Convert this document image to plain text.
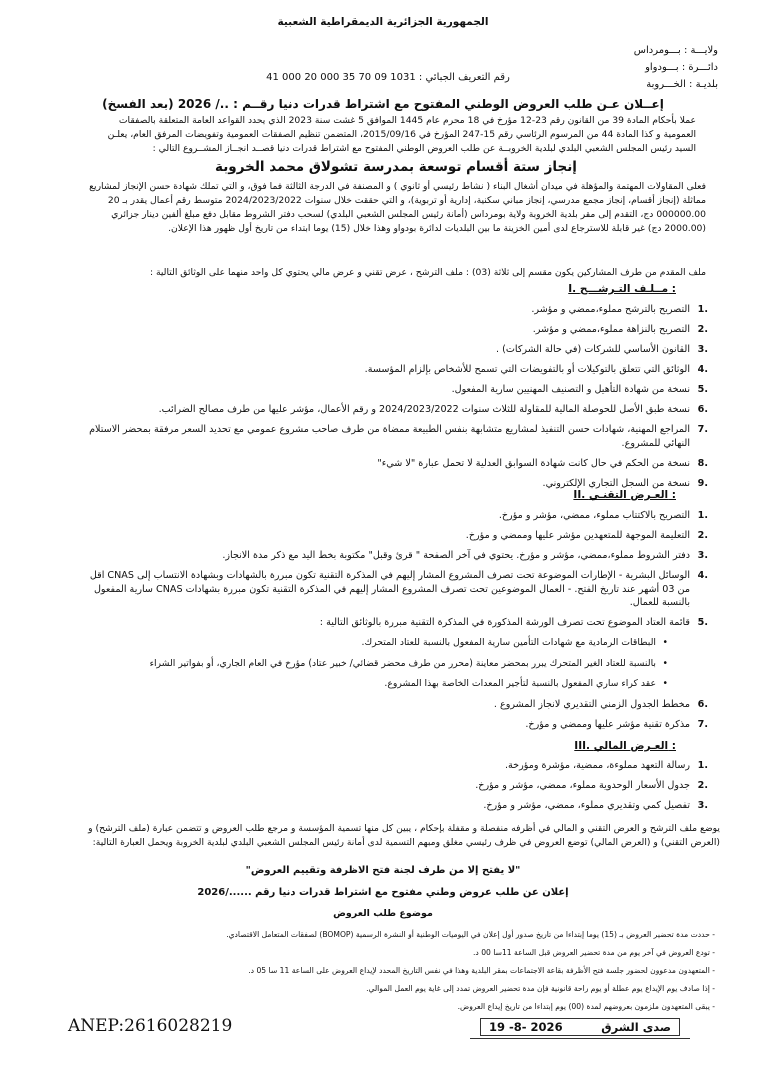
الجمهورية الجزائرية الديمقراطية الشعبية
ولايـــة : بـــومرداس
دائـــرة : بـــودواو
بلديـة : الخـــروبة
رقم التعريف الجبائي : 1031 09 70 35 000 20 000 41
إعــلان عـن طلب العروض الوطني المفتوح مع اشتراط قدرات دنيا رقــم : ../ 2026 (بعد الفسخ)
عملا بأحكام المادة 39 من القانون رقم 23-12 مؤرخ في 18 محرم عام 1445 الموافق 5 غشت سنة 2023 الذي يحدد القواعد العامة المتعلقة بالصفقات العمومية و كذا المادة 44 من المرسوم الرئاسي رقم 15-247 المؤرخ في 2015/09/16، المتضمن تنظيم الصفقات العمومية وتفويضات المرفق العام، يعلـن السيد رئيس المجلس الشعبي البلدي لبلدية الخروبــة عن طلب العروض الوطني المفتوح مع اشتراط قدرات دنيا قصــد انجــاز المشــروع التالي :
إنجاز ستة أقسام توسعة بمدرسة تشولاق محمد الخروبة
فعلى المقاولات المهتمة والمؤهلة في ميدان أشغال البناء ( نشاط رئيسي أو ثانوي ) و المصنفة في الدرجة الثالثة فما فوق، و التي تملك شهادة حسن الإنجاز لمشاريع مماثلة (إنجاز أقسام، إنجاز مجمع مدرسي، إنجاز مباني سكنية، إدارية أو تربوية)، و التي حققت خلال سنوات 2024/2023/2022 متوسط رقم أعمال يقدر بـ 20 000000.00 دج، التقدم إلى مقر بلدية الخروبة ولاية بومرداس (أمانة رئيس المجلس الشعبي البلدي) لسحب دفتر الشروط مقابل دفع مبلغ ألفين دينار جزائري (2000.00 دج) غير قابلة للاسترجاع لدى أمين الخزينة ما بين البلديات لدائرة بودواو وهذا خلال (15) يوما ابتداء من تاريخ أول ظهور هذا الإعلان.
ملف المقدم من طرف المشاركين يكون مقسم إلى ثلاثة (03) : ملف الترشح ، عرض تقني و عرض مالي يحتوي كل واحد منهما على الوثائق التالية :
I. مــلـف التـرشـــح :
1.
التصريح بالترشح مملوء،ممضي و مؤشر.
2.
التصريح بالنزاهة مملوء،ممضي و مؤشر.
3.
القانون الأساسي للشركات (في حالة الشركات) .
4.
الوثائق التي تتعلق بالتوكيلات أو بالتفويضات التي تسمح للأشخاص بإلزام المؤسسة.
5.
نسخة من شهادة التأهيل و التصنيف المهنيين سارية المفعول.
6.
نسخة طبق الأصل للحوصلة المالية للمقاولة للثلاث سنوات 2024/2023/2022 و رقم الأعمال، مؤشر عليها من طرف مصالح الضرائب.
7.
المراجع المهنية، شهادات حسن التنفيذ لمشاريع متشابهة بنفس الطبيعة ممضاة من طرف صاحب مشروع عمومي مع تحديد السعر مرفقة بمحضر الاستلام النهائي للمشروع.
8.
نسخة من الحكم في حال كانت شهادة السوابق العدلية لا تحمل عبارة "لا شيء"
9.
نسخة من السجل التجاري الإلكتروني.
II. العـرض التقنـي :
1.
التصريح بالاكتتاب مملوء، ممضي، مؤشر و مؤرخ.
2.
التعليمة الموجهة للمتعهدين مؤشر عليها وممضي و مؤرخ.
3.
دفتر الشروط مملوء،ممضي، مؤشر و مؤرخ. يحتوي في آخر الصفحة " قرئ وقبل" مكتوبة بخط اليد مع ذكر مدة الانجاز.
4.
الوسائل البشرية - الإطارات الموضوعة تحت تصرف المشروع المشار إليهم في المذكرة التقنية تكون مبررة بالشهادات وبشهادة الانتساب إلى CNAS اقل من 03 أشهر عند تاريخ الفتح. - العمال الموضوعين تحت تصرف المشروع المشار إليهم في المذكرة التقنية تكون مبررة بشهادات CNAS سارية المفعول بالنسبة للعمال.
5.
قائمة العتاد الموضوع تحت تصرف الورشة المذكورة في المذكرة التقنية مبررة بالوثائق التالية :
•
البطاقات الرمادية مع شهادات التأمين سارية المفعول بالنسبة للعتاد المتحرك.
•
بالنسبة للعتاد الغير المتحرك يبرر بمحضر معاينة (محرر من طرف محضر قضائي/ خبير عتاد) مؤرخ في العام الجاري، أو بفواتير الشراء
•
عقد كراء ساري المفعول بالنسبة لتأجير المعدات الخاصة بهذا المشروع.
6.
مخطط الجدول الزمني التقديري لانجاز المشروع .
7.
مذكرة تقنية مؤشر عليها وممضي و مؤرخ.
III. العـرض المالي :
1.
رسالة التعهد مملوءة، ممضية، مؤشرة ومؤرخة.
2.
جدول الأسعار الوحدوية مملوء، ممضي، مؤشر و مؤرخ.
3.
تفصيل كمي وتقديري مملوء، ممضي، مؤشر و مؤرخ.
يوضع ملف الترشح و العرض التقني و المالي في أظرفه منفصلة و مقفلة بإحكام ، يبين كل منها تسمية المؤسسة و مرجع طلب العروض و تتضمن عبارة (ملف الترشح) و (العرض التقني) و (العرض المالي) توضع العروض في ظرف رئيسي مغلق ومبهم التسمية لدى أمانة رئيس المجلس الشعبي البلدي لبلدية الخروبة ويحمل العبارة التالية:
"لا يفتح إلا من طرف لجنة فتح الاظرفة وتقييم العروض"
إعلان عن طلب عروض وطني مفتوح مع اشتراط قدرات دنيا رقم ....../2026
موضوع طلب العروض
- حددت مدة تحضير العروض بـ (15) يوما إبتداءا من تاريخ صدور أول إعلان في اليوميات الوطنية أو النشرة الرسمية (BOMOP) لصفقات المتعامل الاقتصادي.
- تودع العروض في آخر يوم من مدة تحضير العروض قبل الساعة 11سا 00 د.
- المتعهدون مدعوون لحضور جلسة فتح الأظرفة بقاعة الاجتماعات بمقر البلدية وهذا في نفس التاريخ المحدد لإيداع العروض على الساعة 11 سا 05 د.
- إذا صادف يوم الإيداع يوم عطلة أو يوم راحة قانونية فإن مدة تحضير العروض تمدد إلى غاية يوم العمل الموالي.
- يبقى المتعهدون ملزمون بعروضهم لمدة (00) يوم إبتداءا من تاريخ إيداع العروض.
ANEP:2616028219	19 -8- 2026	صدى الشرق
